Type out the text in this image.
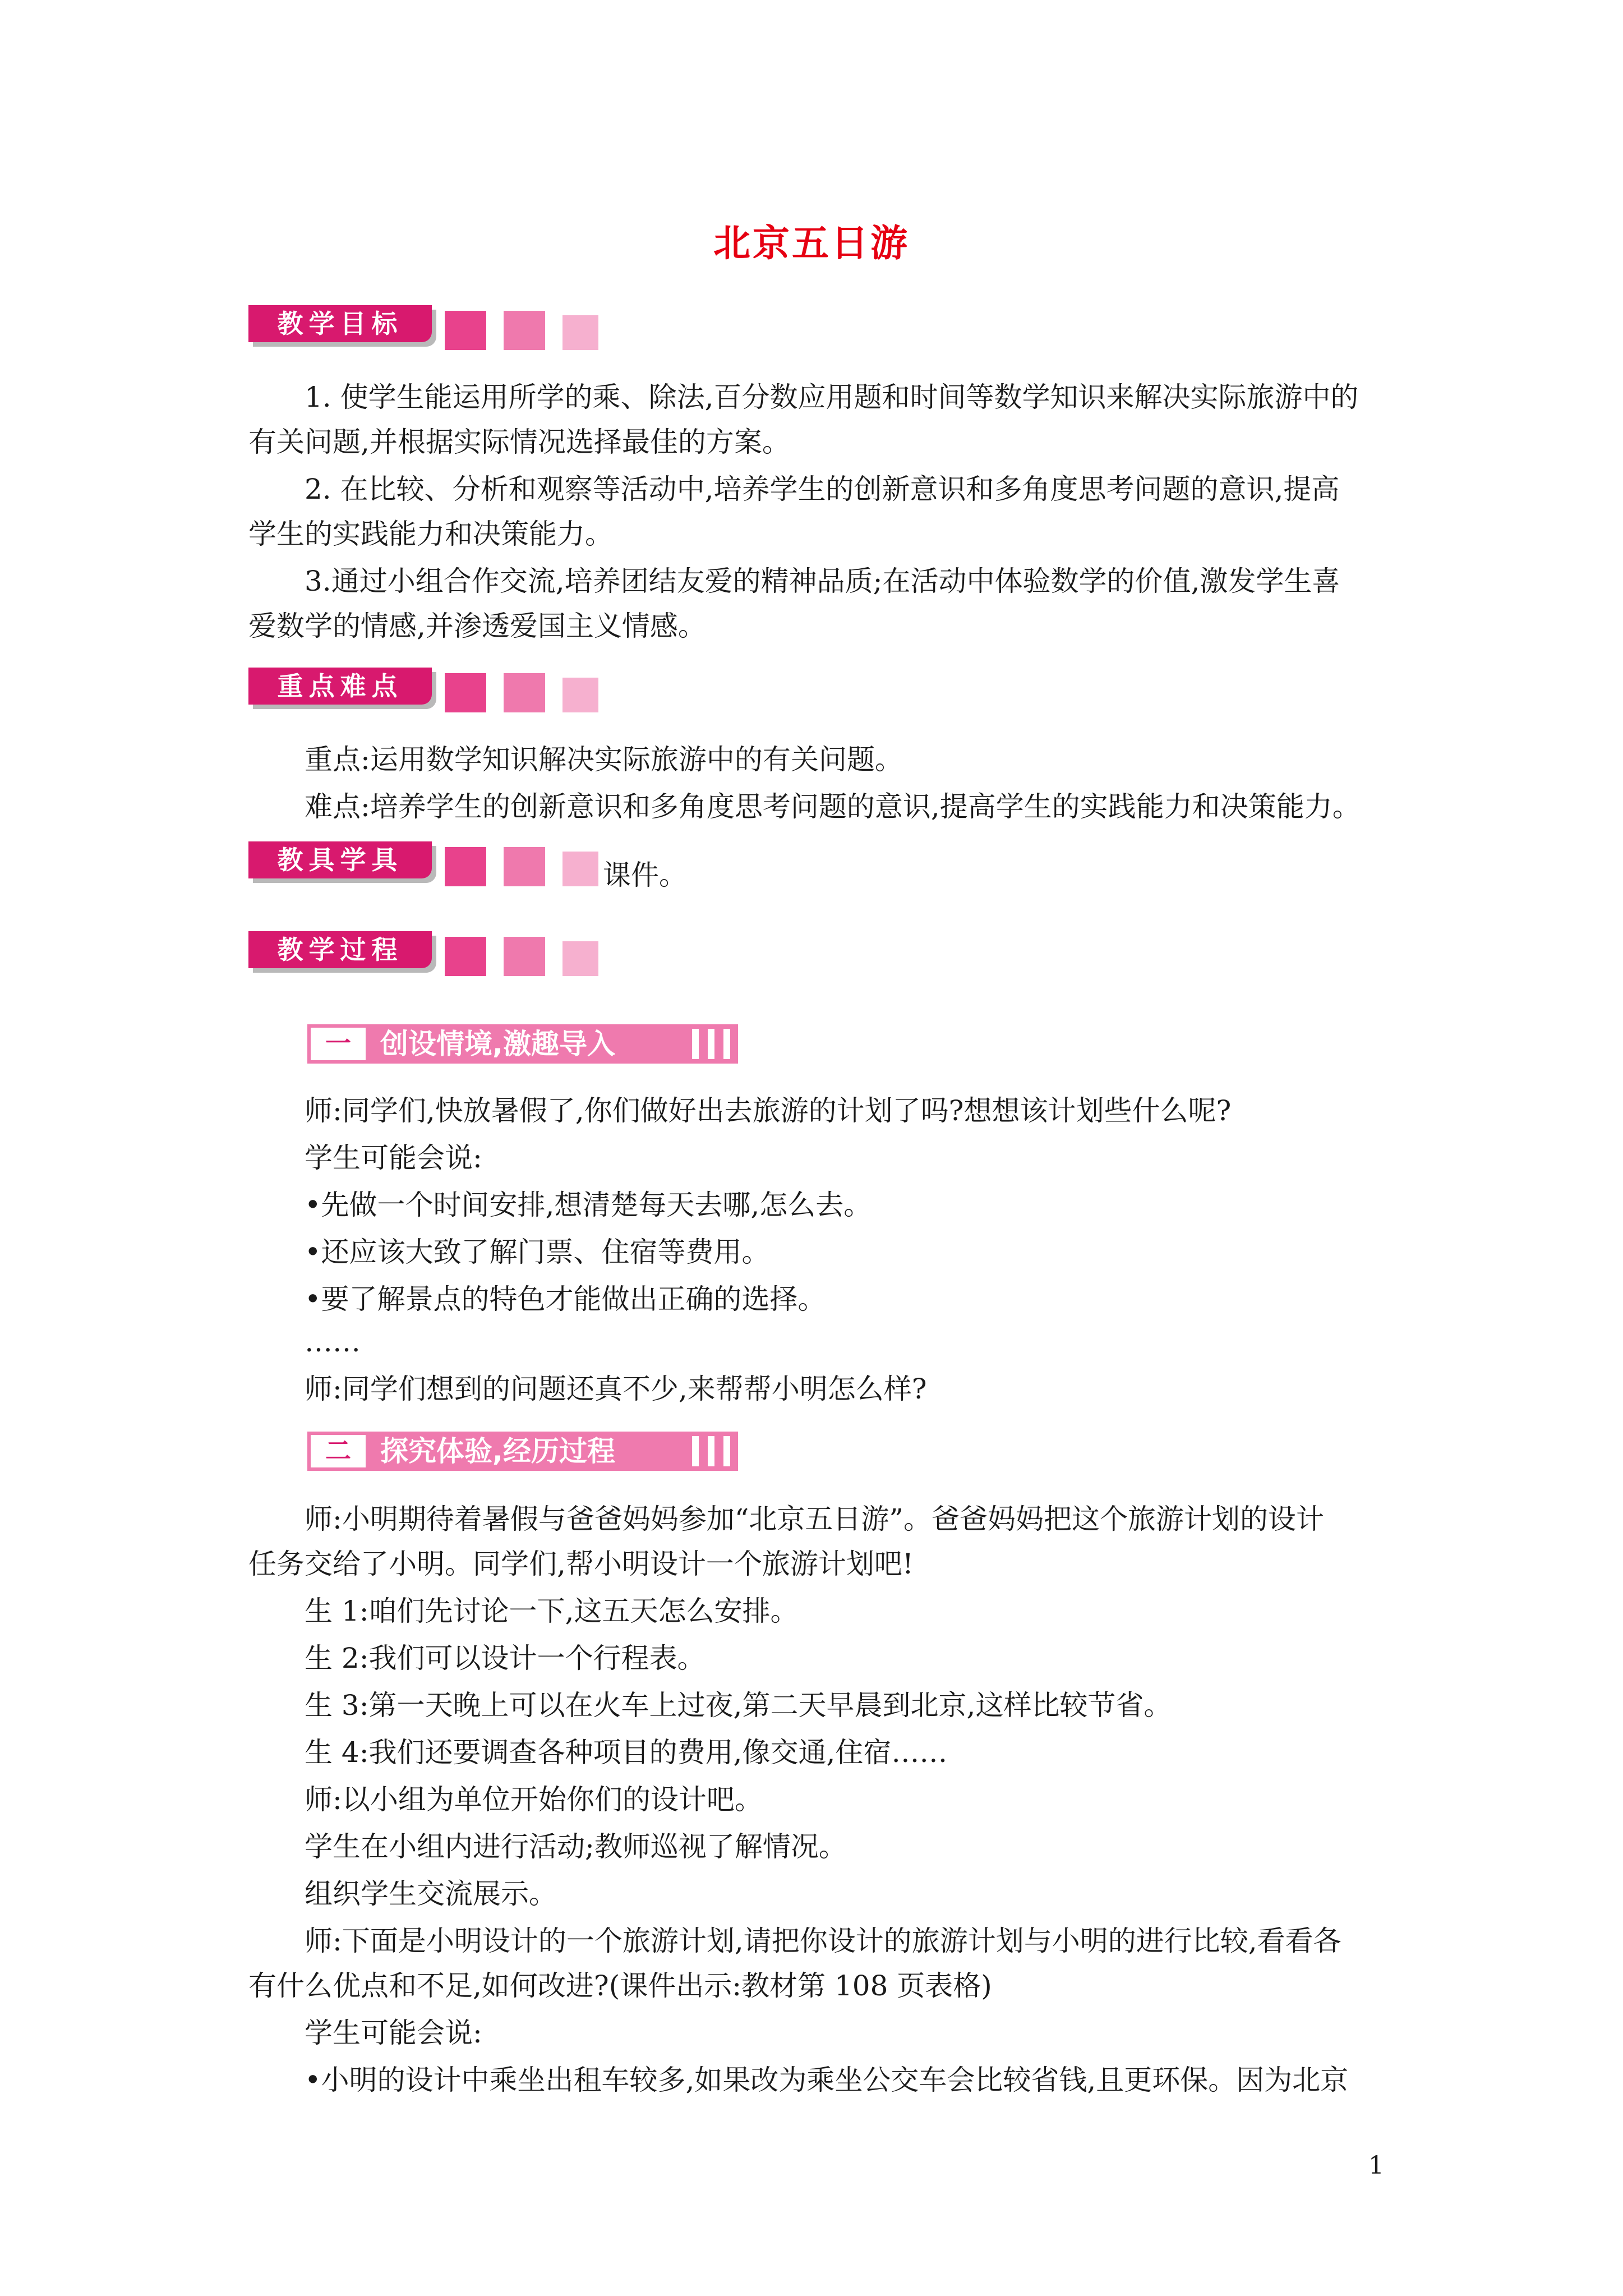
北京五日游
教学目标
1. 使学生能运用所学的乘、除法,百分数应用题和时间等数学知识来解决实际旅游中的
有关问题,并根据实际情况选择最佳的方案。
2. 在比较、分析和观察等活动中,培养学生的创新意识和多角度思考问题的意识,提高
学生的实践能力和决策能力。
3.通过小组合作交流,培养团结友爱的精神品质;在活动中体验数学的价值,激发学生喜
爱数学的情感,并渗透爱国主义情感。
重点难点
重点:运用数学知识解决实际旅游中的有关问题。
难点:培养学生的创新意识和多角度思考问题的意识,提高学生的实践能力和决策能力。
教具学具	课件。
教学过程
一	创设情境,激趣导入
师:同学们,快放暑假了,你们做好出去旅游的计划了吗?想想该计划些什么呢?
学生可能会说:
•先做一个时间安排,想清楚每天去哪,怎么去。
•还应该大致了解门票、住宿等费用。
•要了解景点的特色才能做出正确的选择。
……
师:同学们想到的问题还真不少,来帮帮小明怎么样?
二	探究体验,经历过程
师:小明期待着暑假与爸爸妈妈参加“北京五日游”。爸爸妈妈把这个旅游计划的设计
任务交给了小明。同学们,帮小明设计一个旅游计划吧!
生 1:咱们先讨论一下,这五天怎么安排。
生 2:我们可以设计一个行程表。
生 3:第一天晚上可以在火车上过夜,第二天早晨到北京,这样比较节省。
生 4:我们还要调查各种项目的费用,像交通,住宿……
师:以小组为单位开始你们的设计吧。
学生在小组内进行活动;教师巡视了解情况。
组织学生交流展示。
师:下面是小明设计的一个旅游计划,请把你设计的旅游计划与小明的进行比较,看看各
有什么优点和不足,如何改进?(课件出示:教材第 108 页表格)
学生可能会说:
•小明的设计中乘坐出租车较多,如果改为乘坐公交车会比较省钱,且更环保。因为北京
1
